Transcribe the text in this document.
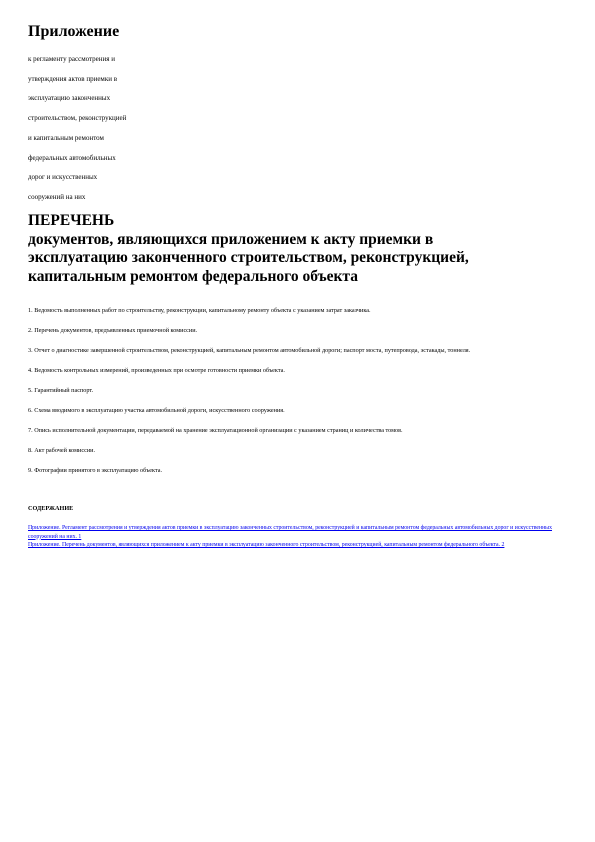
Приложение
к регламенту рассмотрения и
утверждения актов приемки в
эксплуатацию законченных
строительством, реконструкцией
и капитальным ремонтом
федеральных автомобильных
дорог и искусственных
сооружений на них
ПЕРЕЧЕНЬ
документов, являющихся приложением к акту приемки в
эксплуатацию законченного строительством, реконструкцией,
капитальным ремонтом федерального объекта
1. Ведомость выполненных работ по строительству, реконструкции, капитальному ремонту объекта с указанием затрат заказчика.
2. Перечень документов, предъявленных приемочной комиссии.
3. Отчет о диагностике завершенной строительством, реконструкцией, капитальным ремонтом автомобильной дороги; паспорт моста, путепровода, эстакады, тоннеля.
4. Ведомость контрольных измерений, произведенных при осмотре готовности приемки объекта.
5. Гарантийный паспорт.
6. Схема вводимого в эксплуатацию участка автомобильной дороги, искусственного сооружения.
7. Опись исполнительной документации, передаваемой на хранение эксплуатационной организации с указанием страниц и количества томов.
8. Акт рабочей комиссии.
9. Фотографии принятого в эксплуатацию объекта.
СОДЕРЖАНИЕ
Приложение. Регламент рассмотрения и утверждения актов приемки в эксплуатацию законченных строительством, реконструкцией и капитальным ремонтом федеральных автомобильных дорог и искусственных сооружений на них. 1
Приложение. Перечень документов, являющихся приложением к акту приемки в эксплуатацию законченного строительством, реконструкцией, капитальным ремонтом федерального объекта. 2
